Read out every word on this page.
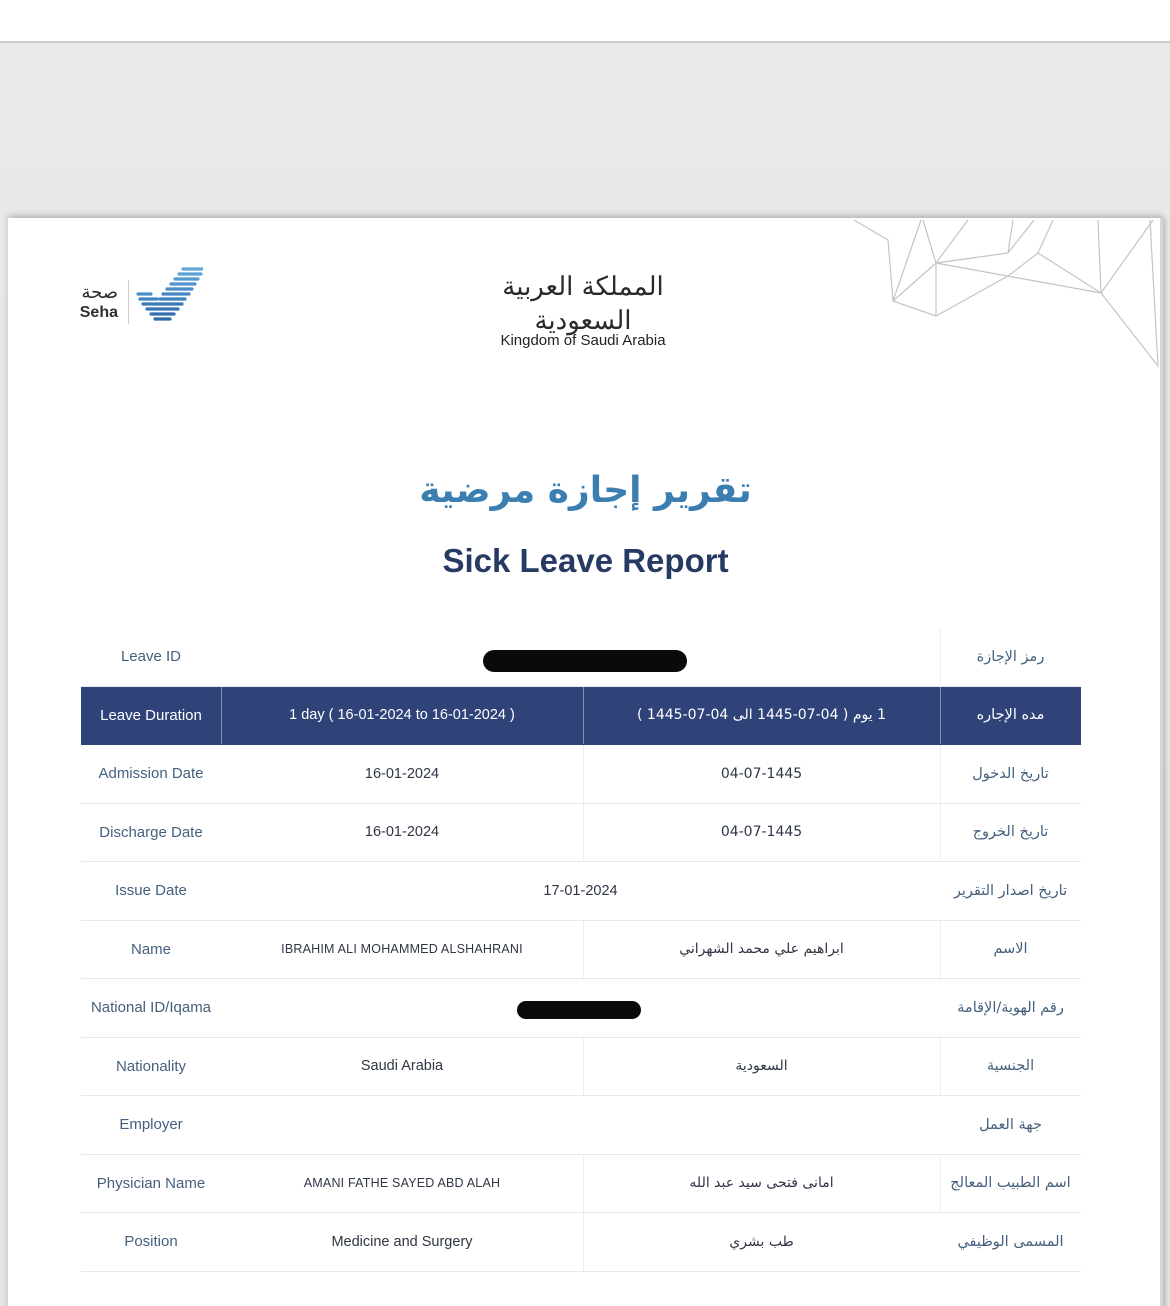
صحة
Seha
المملكة العربية السعودية
Kingdom of Saudi Arabia
تقرير إجازة مرضية
Sick Leave Report
Leave ID	رمز الإجازة
Leave Duration	1 day ( 16-01-2024 to 16-01-2024 )	1 يوم ( 04-07-1445 الى 04-07-1445 )	مده الإجاره
Admission Date	16-01-2024	04-07-1445	تاريخ الدخول
Discharge Date	16-01-2024	04-07-1445	تاريخ الخروج
Issue Date	17-01-2024	تاريخ اصدار التقرير
Name	IBRAHIM ALI MOHAMMED ALSHAHRANI	ابراهيم علي محمد الشهراني	الاسم
National ID/Iqama	رقم الهوية/الإقامة
Nationality	Saudi Arabia	السعودية	الجنسية
Employer	جهة العمل
Physician Name	AMANI FATHE SAYED ABD ALAH	امانى فتحى سيد عبد الله	اسم الطبيب المعالج
Position	Medicine and Surgery	طب بشري	المسمى الوظيفي
